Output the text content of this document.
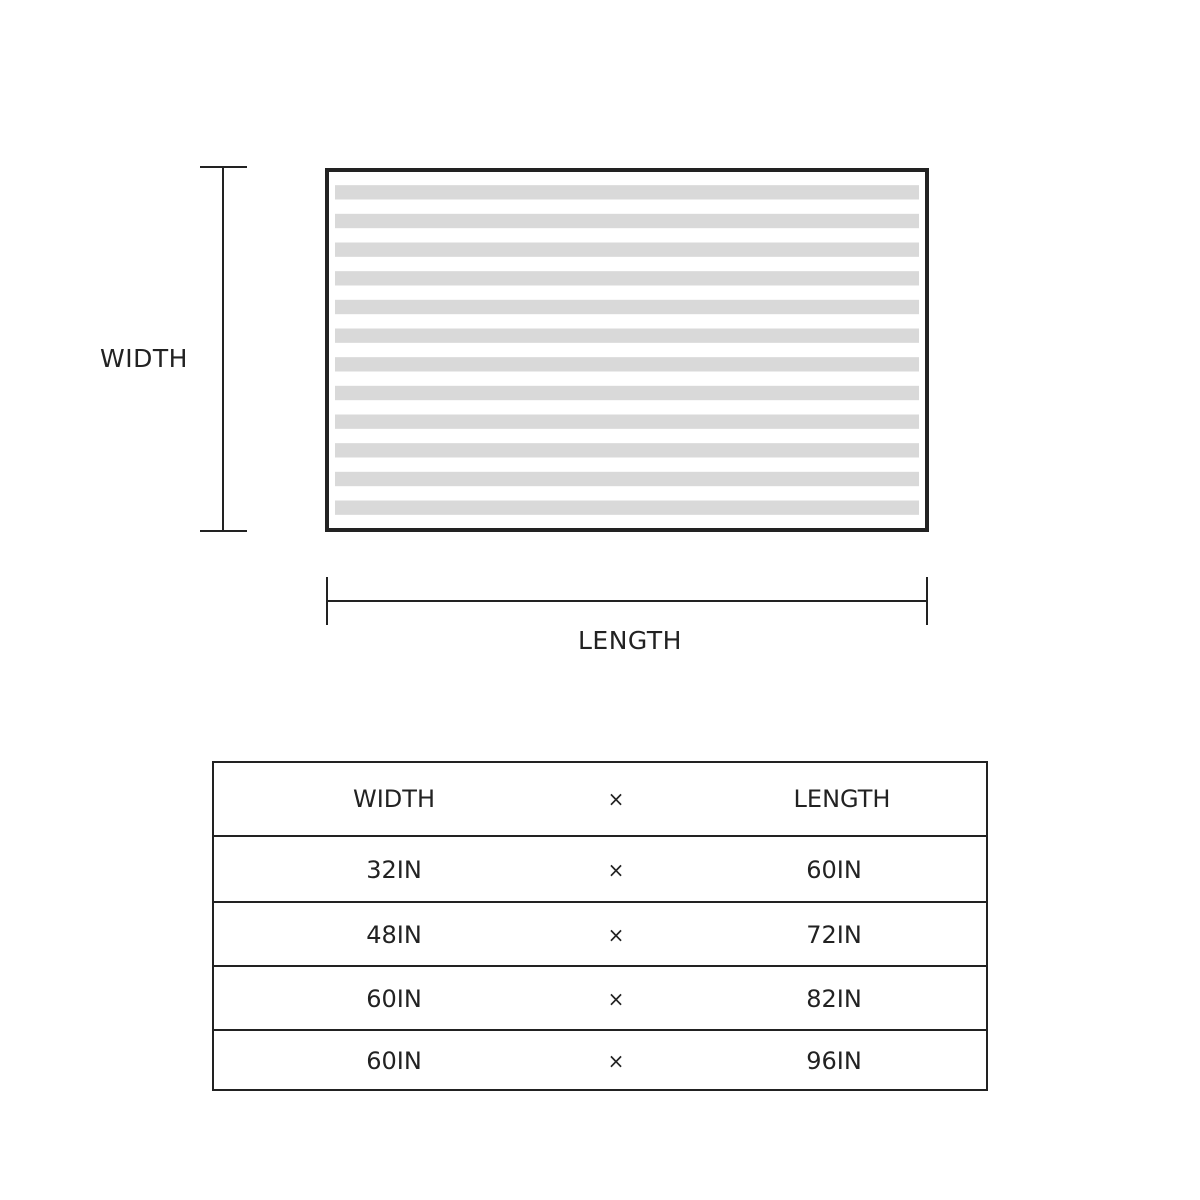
WIDTH
LENGTH
WIDTH	×	LENGTH
32IN	×	60IN
48IN	×	72IN
60IN	×	82IN
60IN	×	96IN
